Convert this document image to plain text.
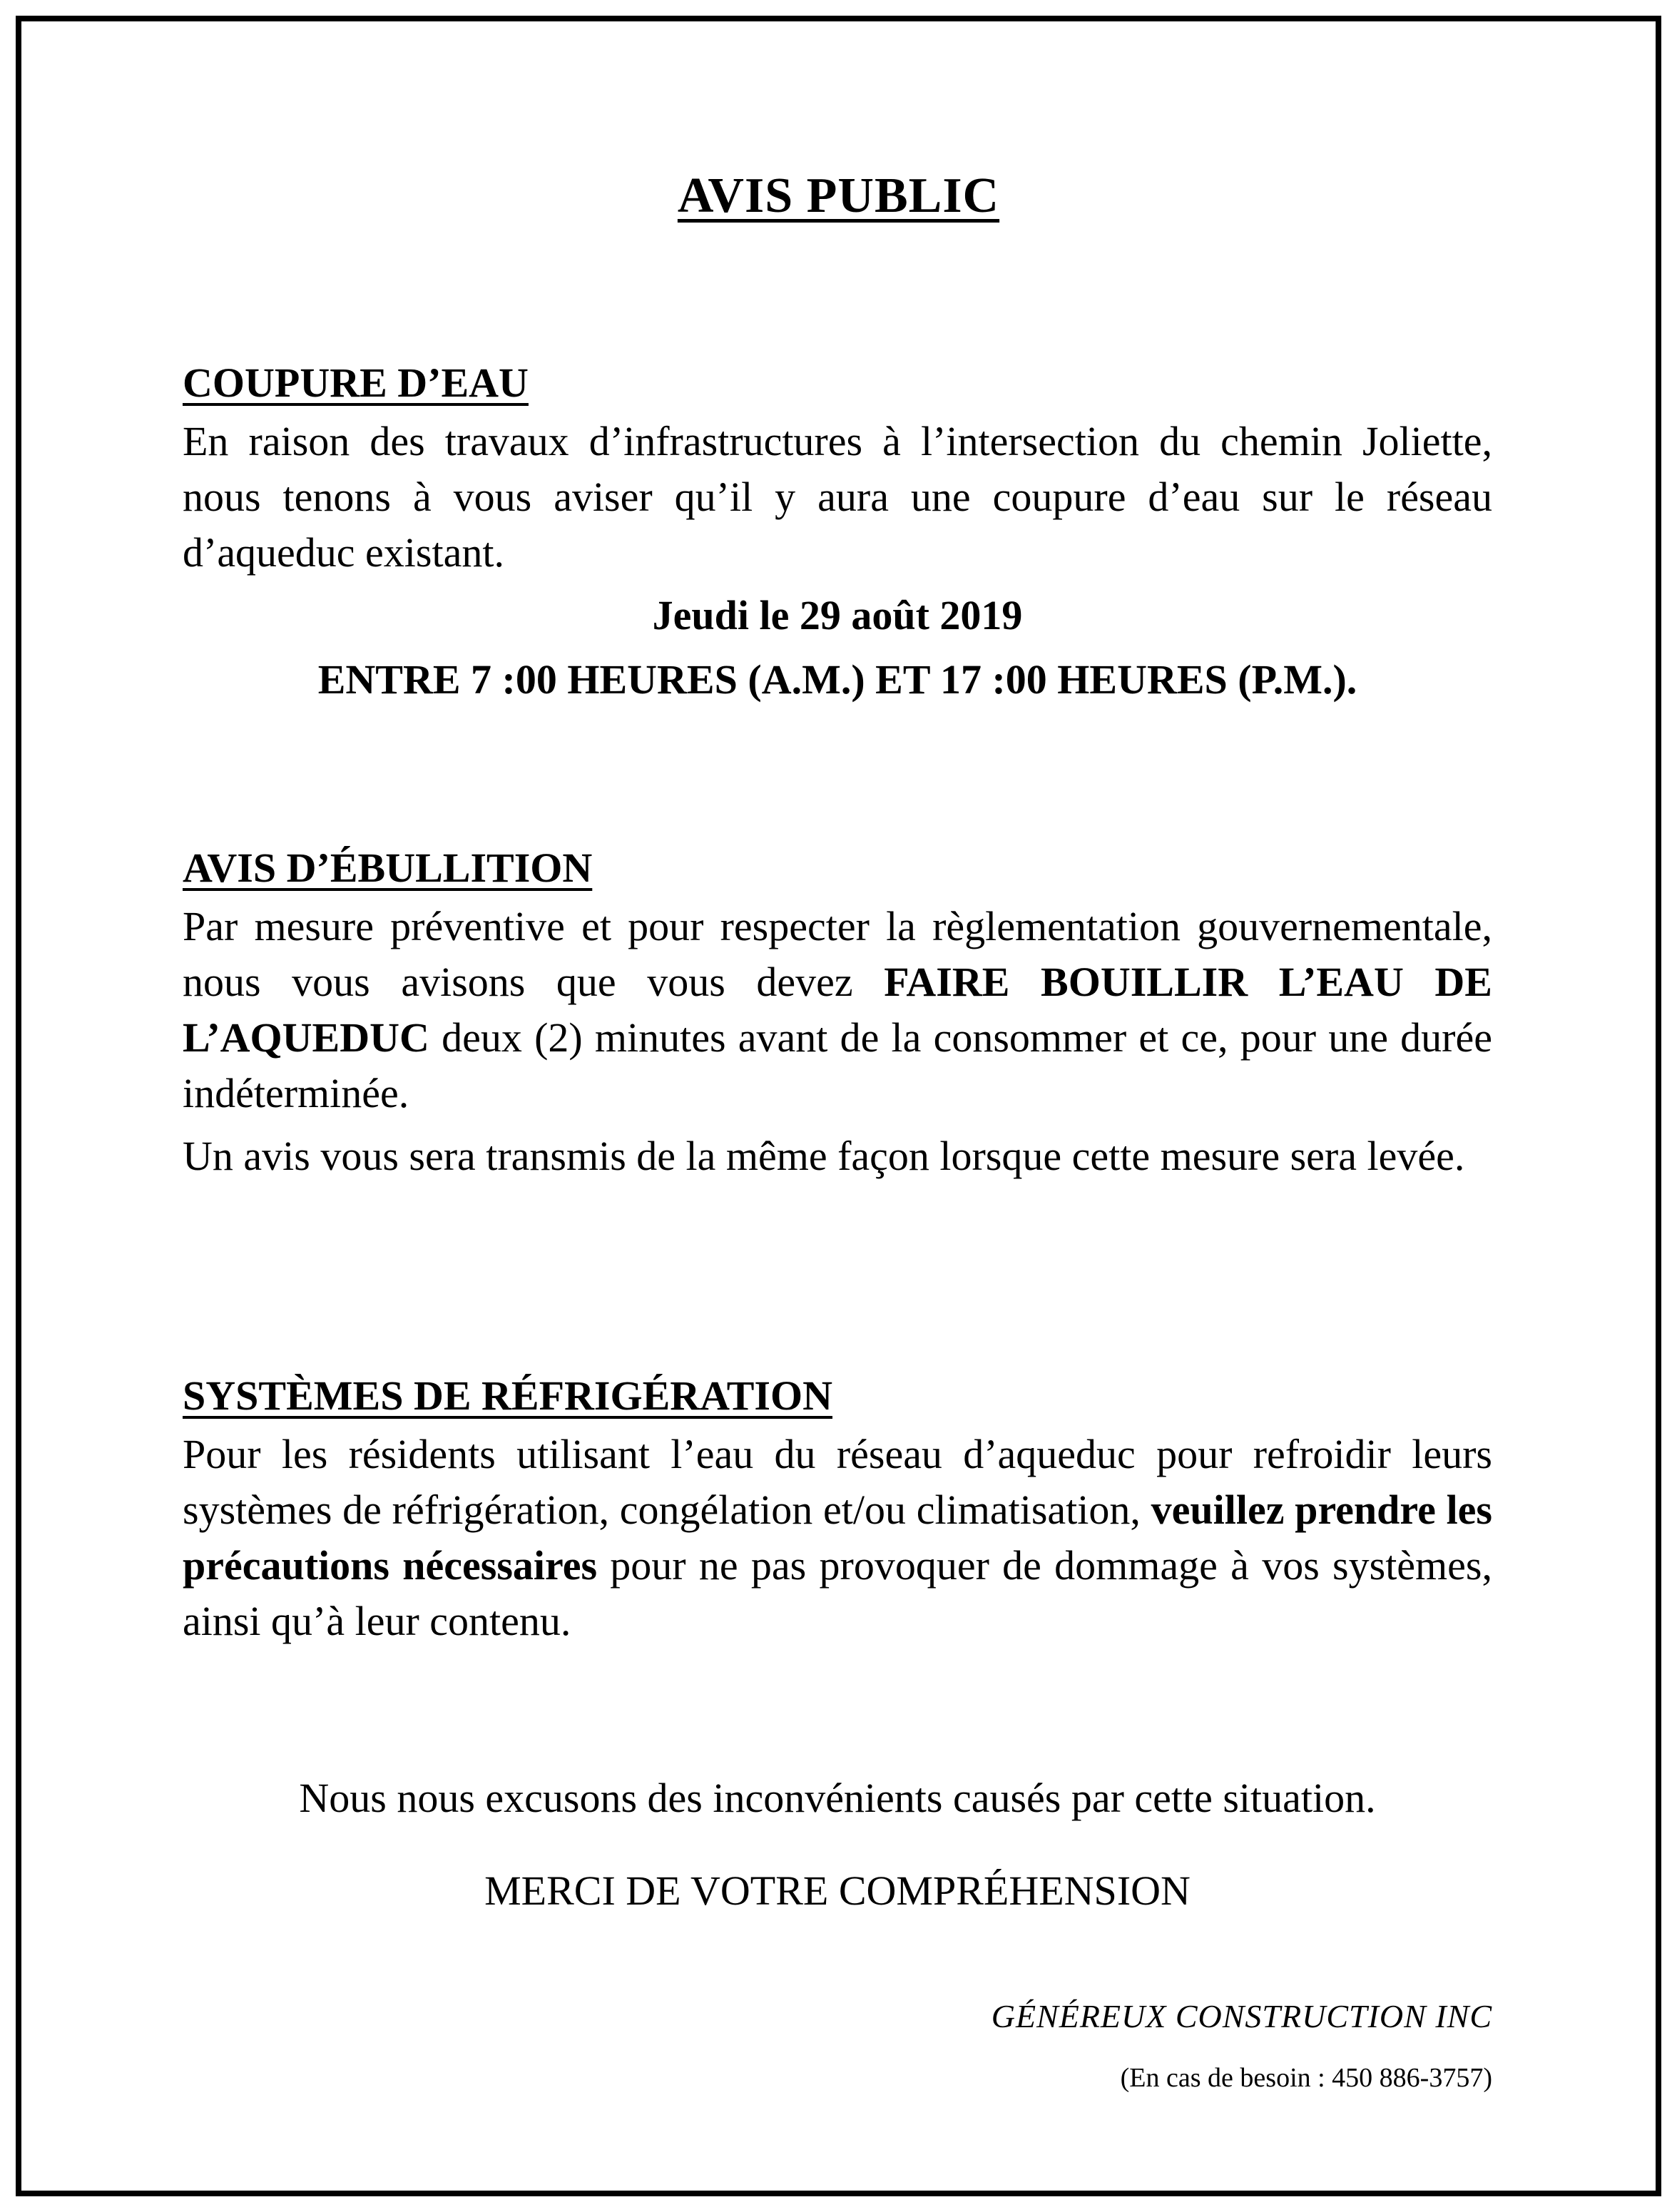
AVIS PUBLIC
COUPURE D’EAU

En raison des travaux d’infrastructures à l’intersection du chemin Joliette, nous tenons à vous aviser qu’il y aura une coupure d’eau sur le réseau d’aqueduc existant.

Jeudi le 29 août 2019

ENTRE 7 :00 HEURES (A.M.) ET 17 :00 HEURES (P.M.).

AVIS D’ÉBULLITION

Par mesure préventive et pour respecter la règlementation gouvernementale, nous vous avisons que vous devez FAIRE BOUILLIR L’EAU DE L’AQUEDUC deux (2) minutes avant de la consommer et ce, pour une durée indéterminée.

Un avis vous sera transmis de la même façon lorsque cette mesure sera levée.

SYSTÈMES DE RÉFRIGÉRATION

Pour les résidents utilisant l’eau du réseau d’aqueduc pour refroidir leurs systèmes de réfrigération, congélation et/ou climatisation, veuillez prendre les précautions nécessaires pour ne pas provoquer de dommage à vos systèmes, ainsi qu’à leur contenu.

Nous nous excusons des inconvénients causés par cette situation.

MERCI DE VOTRE COMPRÉHENSION

GÉNÉREUX CONSTRUCTION INC

(En cas de besoin : 450 886-3757)
